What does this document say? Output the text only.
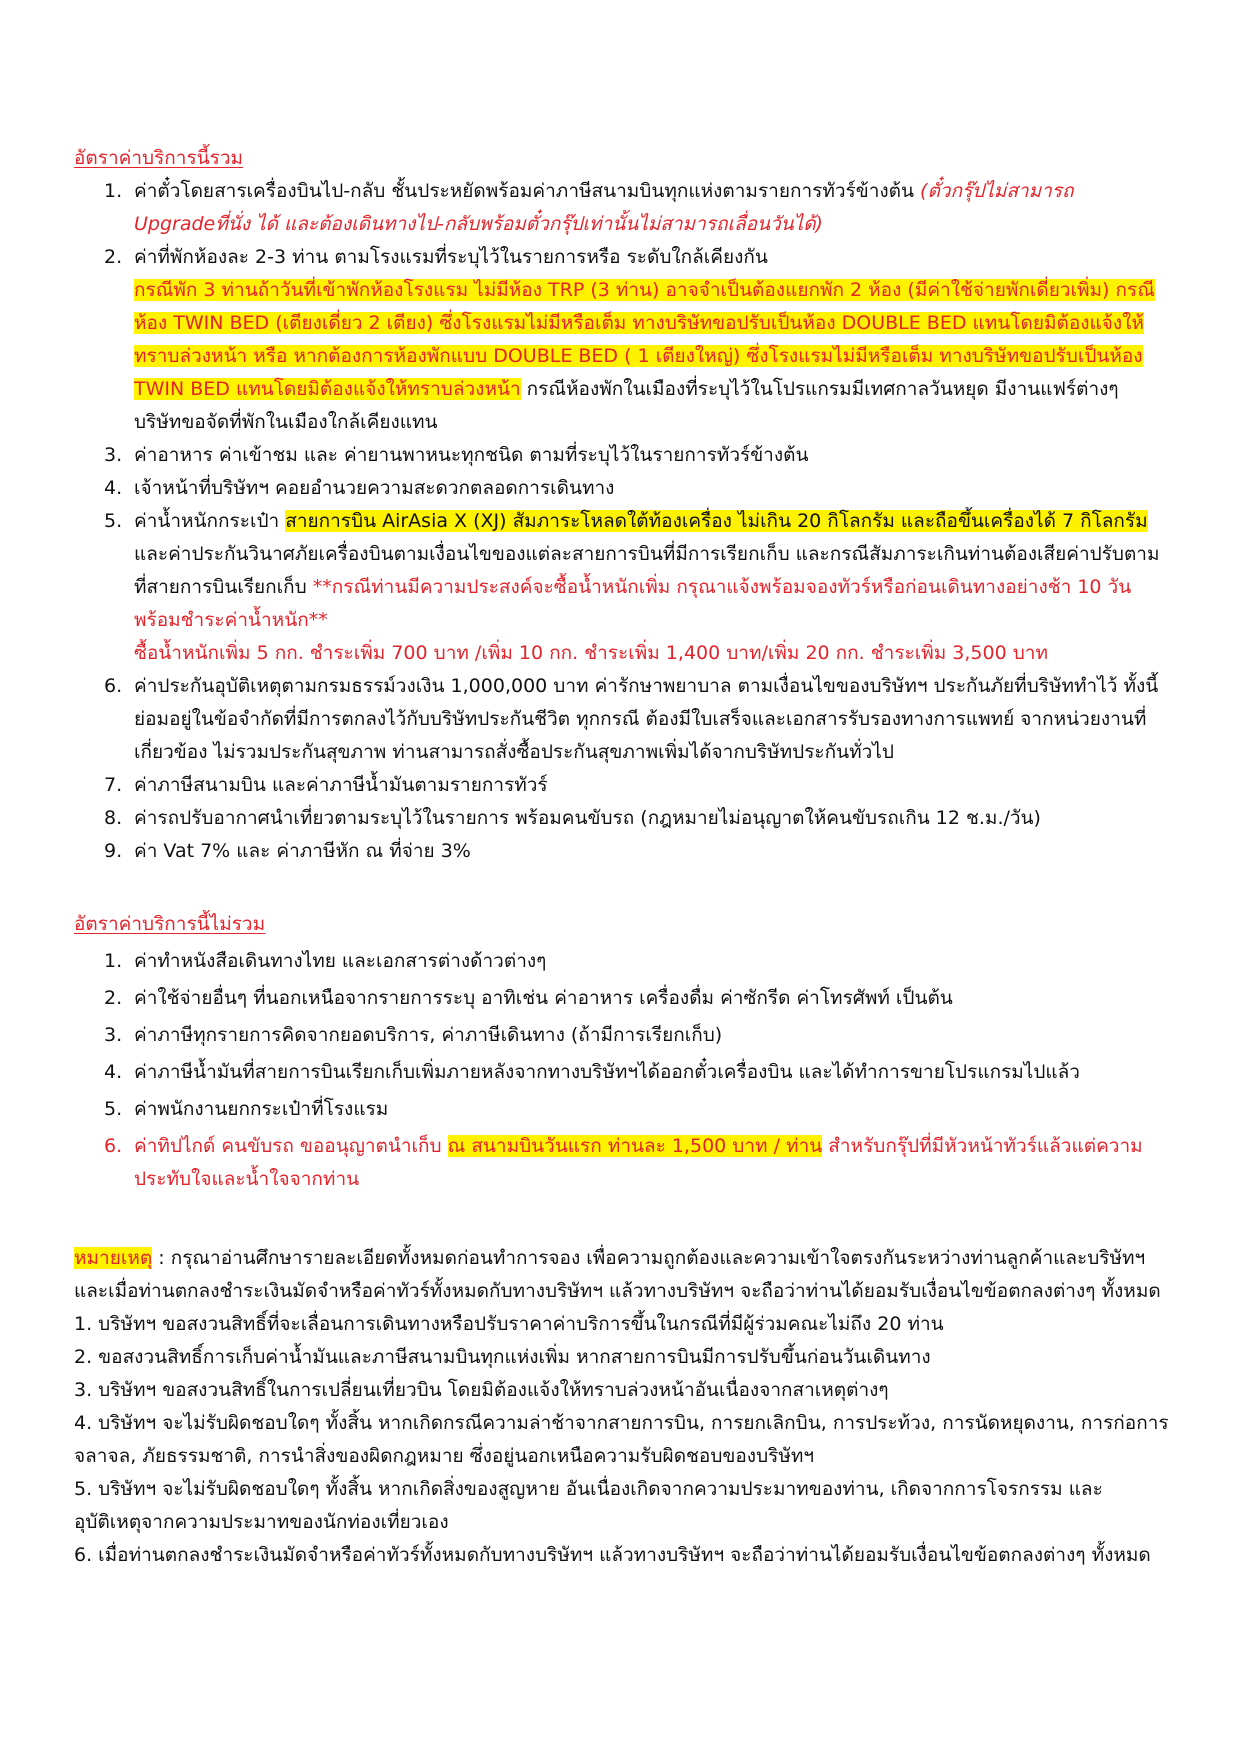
อัตราค่าบริการนี้รวม
1. ค่าตั๋วโดยสารเครื่องบินไป-กลับ ชั้นประหยัดพร้อมค่าภาษีสนามบินทุกแห่งตามรายการทัวร์ข้างต้น (ตั๋วกรุ๊ปไม่สามารถ Upgradeที่นั่ง ได้ และต้องเดินทางไป-กลับพร้อมตั๋วกรุ๊ปเท่านั้นไม่สามารถเลื่อนวันได้)
2. ค่าที่พักห้องละ 2-3 ท่าน ตามโรงแรมที่ระบุไว้ในรายการหรือ ระดับใกล้เคียงกัน
กรณีพัก 3 ท่านถ้าวันที่เข้าพักห้องโรงแรม ไม่มีห้อง TRP (3 ท่าน) อาจจำเป็นต้องแยกพัก 2 ห้อง (มีค่าใช้จ่ายพักเดี่ยวเพิ่ม) กรณีห้อง TWIN BED (เตียงเดี่ยว 2 เตียง) ซึ่งโรงแรมไม่มีหรือเต็ม ทางบริษัทขอปรับเป็นห้อง DOUBLE BED แทนโดยมิต้องแจ้งให้ทราบล่วงหน้า หรือ หากต้องการห้องพักแบบ DOUBLE BED ( 1 เตียงใหญ่) ซึ่งโรงแรมไม่มีหรือเต็ม ทางบริษัทขอปรับเป็นห้อง TWIN BED แทนโดยมิต้องแจ้งให้ทราบล่วงหน้า กรณีห้องพักในเมืองที่ระบุไว้ในโปรแกรมมีเทศกาลวันหยุด มีงานแฟร์ต่างๆ บริษัทขอจัดที่พักในเมืองใกล้เคียงแทน
3. ค่าอาหาร ค่าเข้าชม และ ค่ายานพาหนะทุกชนิด ตามที่ระบุไว้ในรายการทัวร์ข้างต้น
4. เจ้าหน้าที่บริษัทฯ คอยอำนวยความสะดวกตลอดการเดินทาง
5. ค่าน้ำหนักกระเป๋า สายการบิน AirAsia X (XJ) สัมภาระโหลดใต้ท้องเครื่อง ไม่เกิน 20 กิโลกรัม และถือขึ้นเครื่องได้ 7 กิโลกรัม และค่าประกันวินาศภัยเครื่องบินตามเงื่อนไขของแต่ละสายการบินที่มีการเรียกเก็บ และกรณีสัมภาระเกินท่านต้องเสียค่าปรับตามที่สายการบินเรียกเก็บ **กรณีท่านมีความประสงค์จะซื้อน้ำหนักเพิ่ม กรุณาแจ้งพร้อมจองทัวร์หรือก่อนเดินทางอย่างช้า 10 วัน พร้อมชำระค่าน้ำหนัก**
ซื้อน้ำหนักเพิ่ม 5 กก. ชำระเพิ่ม 700 บาท /เพิ่ม 10 กก. ชำระเพิ่ม 1,400 บาท/เพิ่ม 20 กก. ชำระเพิ่ม 3,500 บาท
6. ค่าประกันอุบัติเหตุตามกรมธรรม์วงเงิน 1,000,000 บาท ค่ารักษาพยาบาล ตามเงื่อนไขของบริษัทฯ ประกันภัยที่บริษัททำไว้ ทั้งนี้ย่อมอยู่ในข้อจำกัดที่มีการตกลงไว้กับบริษัทประกันชีวิต ทุกกรณี ต้องมีใบเสร็จและเอกสารรับรองทางการแพทย์ จากหน่วยงานที่เกี่ยวข้อง ไม่รวมประกันสุขภาพ ท่านสามารถสั่งซื้อประกันสุขภาพเพิ่มได้จากบริษัทประกันทั่วไป
7. ค่าภาษีสนามบิน และค่าภาษีน้ำมันตามรายการทัวร์
8. ค่ารถปรับอากาศนำเที่ยวตามระบุไว้ในรายการ พร้อมคนขับรถ (กฎหมายไม่อนุญาตให้คนขับรถเกิน 12 ช.ม./วัน)
9. ค่า Vat 7% และ ค่าภาษีหัก ณ ที่จ่าย 3%
อัตราค่าบริการนี้ไม่รวม
1. ค่าทำหนังสือเดินทางไทย และเอกสารต่างด้าวต่างๆ
2. ค่าใช้จ่ายอื่นๆ ที่นอกเหนือจากรายการระบุ อาทิเช่น ค่าอาหาร เครื่องดื่ม ค่าซักรีด ค่าโทรศัพท์ เป็นต้น
3. ค่าภาษีทุกรายการคิดจากยอดบริการ, ค่าภาษีเดินทาง (ถ้ามีการเรียกเก็บ)
4. ค่าภาษีน้ำมันที่สายการบินเรียกเก็บเพิ่มภายหลังจากทางบริษัทฯได้ออกตั๋วเครื่องบิน และได้ทำการขายโปรแกรมไปแล้ว
5. ค่าพนักงานยกกระเป๋าที่โรงแรม
6. ค่าทิปไกด์ คนขับรถ ขออนุญาตนำเก็บ ณ สนามบินวันแรก ท่านละ 1,500 บาท / ท่าน สำหรับกรุ๊ปที่มีหัวหน้าทัวร์แล้วแต่ความประทับใจและน้ำใจจากท่าน

หมายเหตุ : กรุณาอ่านศึกษารายละเอียดทั้งหมดก่อนทำการจอง เพื่อความถูกต้องและความเข้าใจตรงกันระหว่างท่านลูกค้าและบริษัทฯ และเมื่อท่านตกลงชำระเงินมัดจำหรือค่าทัวร์ทั้งหมดกับทางบริษัทฯ แล้วทางบริษัทฯ จะถือว่าท่านได้ยอมรับเงื่อนไขข้อตกลงต่างๆ ทั้งหมด

1. บริษัทฯ ขอสงวนสิทธิ์ที่จะเลื่อนการเดินทางหรือปรับราคาค่าบริการขึ้นในกรณีที่มีผู้ร่วมคณะไม่ถึง 20 ท่าน

2. ขอสงวนสิทธิ์การเก็บค่าน้ำมันและภาษีสนามบินทุกแห่งเพิ่ม หากสายการบินมีการปรับขึ้นก่อนวันเดินทาง

3. บริษัทฯ ขอสงวนสิทธิ์ในการเปลี่ยนเที่ยวบิน โดยมิต้องแจ้งให้ทราบล่วงหน้าอันเนื่องจากสาเหตุต่างๆ

4. บริษัทฯ จะไม่รับผิดชอบใดๆ ทั้งสิ้น หากเกิดกรณีความล่าช้าจากสายการบิน, การยกเลิกบิน, การประท้วง, การนัดหยุดงาน, การก่อการจลาจล, ภัยธรรมชาติ, การนำสิ่งของผิดกฎหมาย ซึ่งอยู่นอกเหนือความรับผิดชอบของบริษัทฯ

5. บริษัทฯ จะไม่รับผิดชอบใดๆ ทั้งสิ้น หากเกิดสิ่งของสูญหาย อันเนื่องเกิดจากความประมาทของท่าน, เกิดจากการโจรกรรม และ อุบัติเหตุจากความประมาทของนักท่องเที่ยวเอง

6. เมื่อท่านตกลงชำระเงินมัดจำหรือค่าทัวร์ทั้งหมดกับทางบริษัทฯ แล้วทางบริษัทฯ จะถือว่าท่านได้ยอมรับเงื่อนไขข้อตกลงต่างๆ ทั้งหมด
